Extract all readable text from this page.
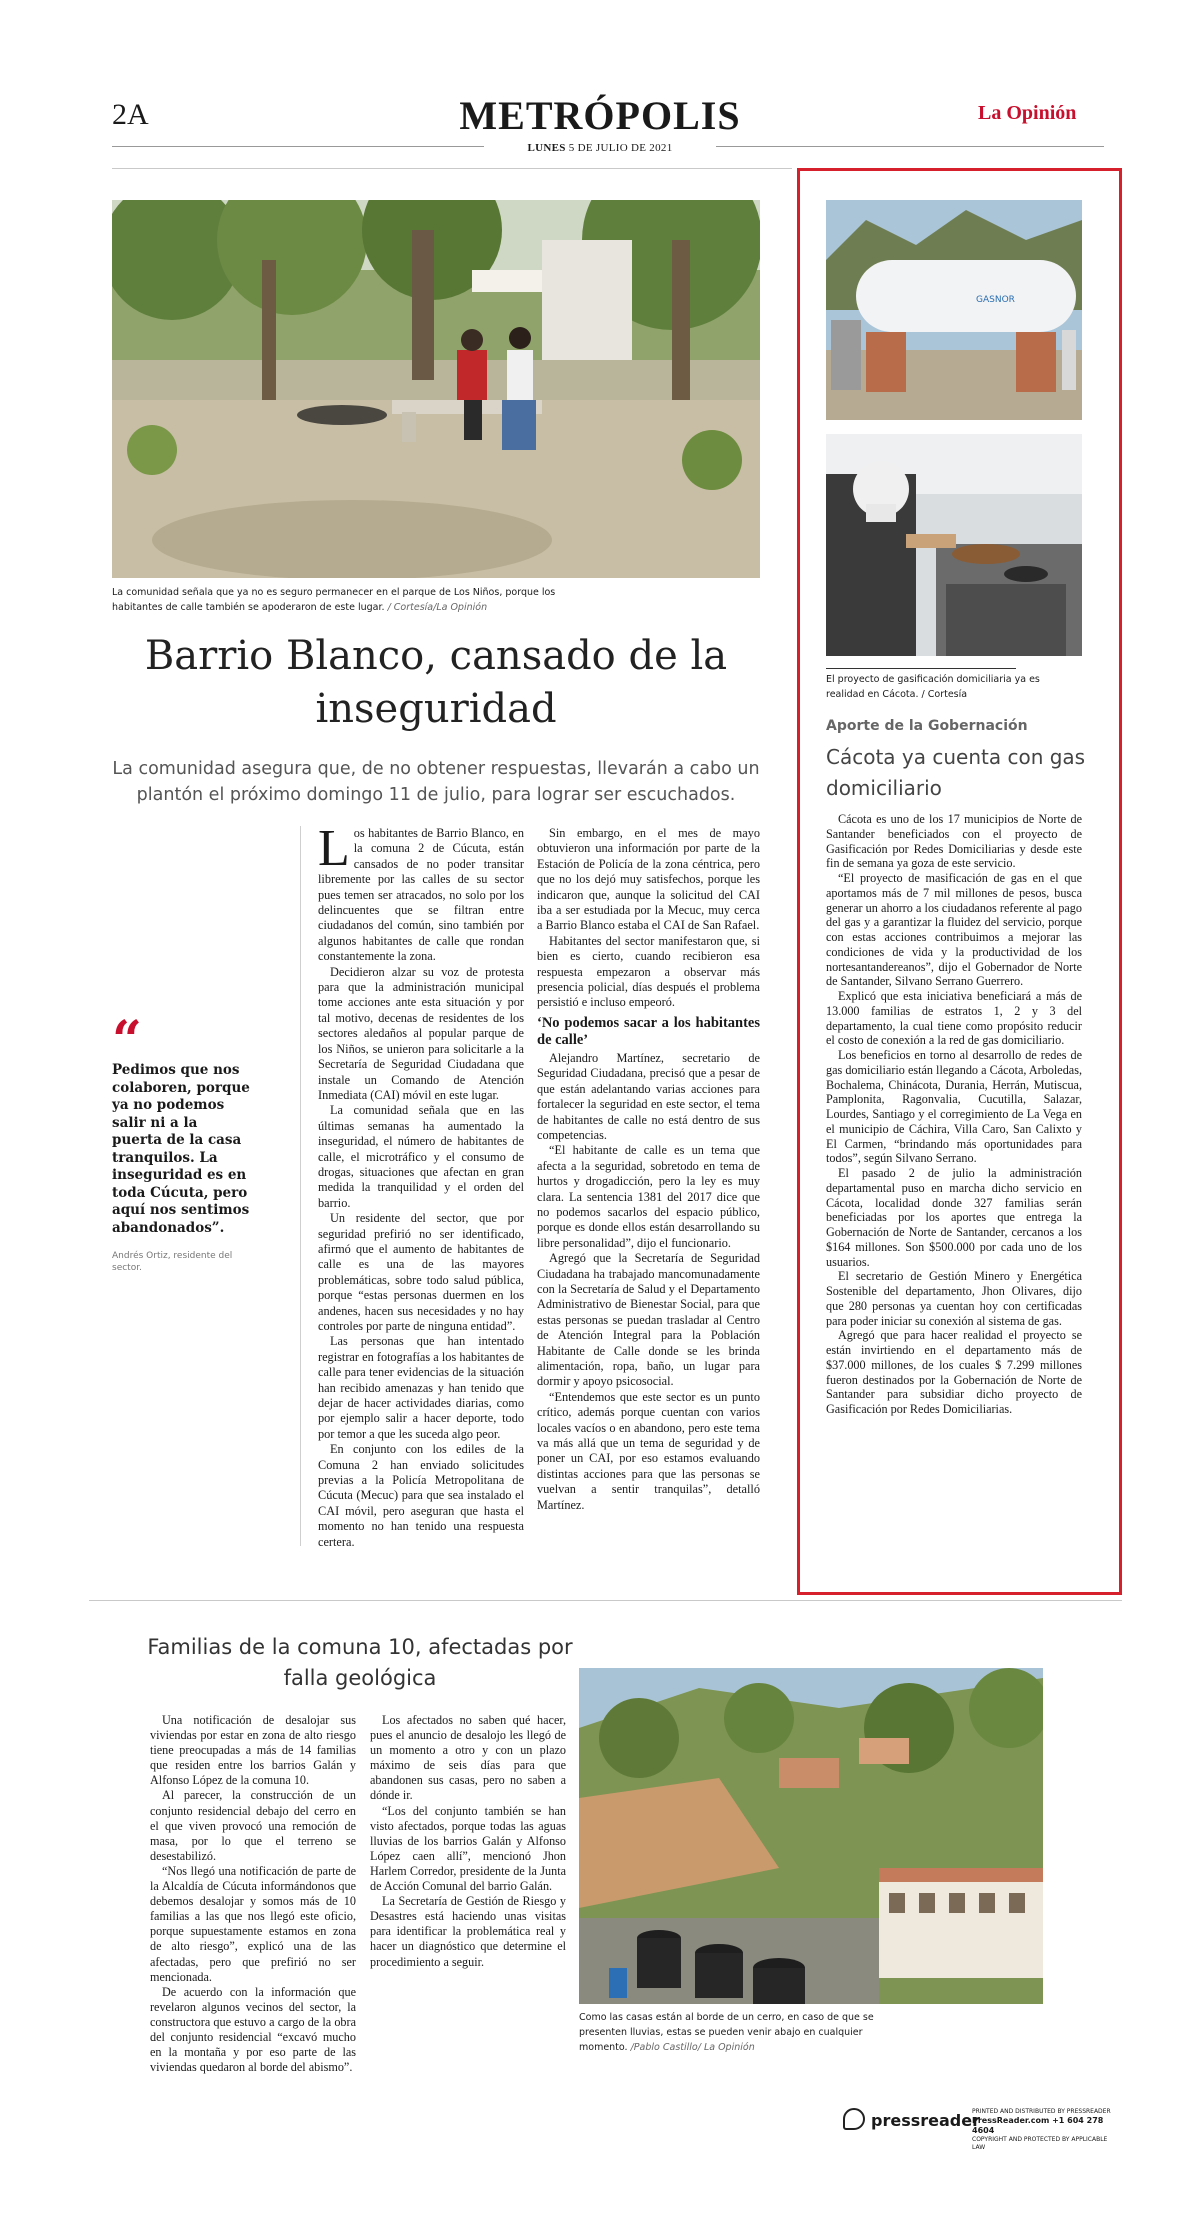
2A	METRÓPOLIS	La Opinión
LUNES 5 DE JULIO DE 2021
La comunidad señala que ya no es seguro permanecer en el parque de Los Niños, porque los habitantes de calle también se apoderaron de este lugar. / Cortesía/La Opinión
Barrio Blanco, cansado de la inseguridad
La comunidad asegura que, de no obtener respuestas, llevarán a cabo un plantón el próximo domingo 11 de julio, para lograr ser escuchados.
“
Pedimos que nos colaboren, porque ya no podemos salir ni a la puerta de la casa tranquilos. La inseguridad es en toda Cúcuta, pero aquí nos sentimos abandonados”.
Andrés Ortiz, residente del sector.

Los habitantes de Barrio Blanco, en la comuna 2 de Cúcuta, están cansados de no poder transitar libremente por las calles de su sector pues temen ser atracados, no solo por los delincuentes que se filtran entre ciudadanos del común, sino también por algunos habitantes de calle que rondan constantemente la zona.

Decidieron alzar su voz de protesta para que la administración municipal tome acciones ante esta situación y por tal motivo, decenas de residentes de los sectores aledaños al popular parque de los Niños, se unieron para solicitarle a la Secretaría de Seguridad Ciudadana que instale un Comando de Atención Inmediata (CAI) móvil en este lugar.

La comunidad señala que en las últimas semanas ha aumentado la inseguridad, el número de habitantes de calle, el microtráfico y el consumo de drogas, situaciones que afectan en gran medida la tranquilidad y el orden del barrio.

Un residente del sector, que por seguridad prefirió no ser identificado, afirmó que el aumento de habitantes de calle es una de las mayores problemáticas, sobre todo salud pública, porque “estas personas duermen en los andenes, hacen sus necesidades y no hay controles por parte de ninguna entidad”.

Las personas que han intentado registrar en fotografías a los habitantes de calle para tener evidencias de la situación han recibido amenazas y han tenido que dejar de hacer actividades diarias, como por ejemplo salir a hacer deporte, todo por temor a que les suceda algo peor.

En conjunto con los ediles de la Comuna 2 han enviado solicitudes previas a la Policía Metropolitana de Cúcuta (Mecuc) para que sea instalado el CAI móvil, pero aseguran que hasta el momento no han tenido una respuesta certera.

Sin embargo, en el mes de mayo obtuvieron una información por parte de la Estación de Policía de la zona céntrica, pero que no los dejó muy satisfechos, porque les indicaron que, aunque la solicitud del CAI iba a ser estudiada por la Mecuc, muy cerca a Barrio Blanco estaba el CAI de San Rafael.

Habitantes del sector manifestaron que, si bien es cierto, cuando recibieron esa respuesta empezaron a observar más presencia policial, días después el problema persistió e incluso empeoró.

‘No podemos sacar a los habitantes de calle’

Alejandro Martínez, secretario de Seguridad Ciudadana, precisó que a pesar de que están adelantando varias acciones para fortalecer la seguridad en este sector, el tema de habitantes de calle no está dentro de sus competencias.

“El habitante de calle es un tema que afecta a la seguridad, sobretodo en tema de hurtos y drogadicción, pero la ley es muy clara. La sentencia 1381 del 2017 dice que no podemos sacarlos del espacio público, porque es donde ellos están desarrollando su libre personalidad”, dijo el funcionario.

Agregó que la Secretaría de Seguridad Ciudadana ha trabajado mancomunadamente con la Secretaría de Salud y el Departamento Administrativo de Bienestar Social, para que estas personas se puedan trasladar al Centro de Atención Integral para la Población Habitante de Calle donde se les brinda alimentación, ropa, baño, un lugar para dormir y apoyo psicosocial.

“Entendemos que este sector es un punto crítico, además porque cuentan con varios locales vacíos o en abandono, pero este tema va más allá que un tema de seguridad y de poner un CAI, por eso estamos evaluando distintas acciones para que las personas se vuelvan a sentir tranquilas”, detalló Martínez.

GASNOR
El proyecto de gasificación domiciliaria ya es realidad en Cácota. / Cortesía
Aporte de la Gobernación
Cácota ya cuenta con gas domiciliario

Cácota es uno de los 17 municipios de Norte de Santander beneficiados con el proyecto de Gasificación por Redes Domiciliarias y desde este fin de semana ya goza de este servicio.

“El proyecto de masificación de gas en el que aportamos más de 7 mil millones de pesos, busca generar un ahorro a los ciudadanos referente al pago del gas y a garantizar la fluidez del servicio, porque con estas acciones contribuimos a mejorar las condiciones de vida y la productividad de los nortesantandereanos”, dijo el Gobernador de Norte de Santander, Silvano Serrano Guerrero.

Explicó que esta iniciativa beneficiará a más de 13.000 familias de estratos 1, 2 y 3 del departamento, la cual tiene como propósito reducir el costo de conexión a la red de gas domiciliario.

Los beneficios en torno al desarrollo de redes de gas domiciliario están llegando a Cácota, Arboledas, Bochalema, Chinácota, Durania, Herrán, Mutiscua, Pamplonita, Ragonvalia, Cucutilla, Salazar, Lourdes, Santiago y el corregimiento de La Vega en el municipio de Cáchira, Villa Caro, San Calixto y El Carmen, “brindando más oportunidades para todos”, según Silvano Serrano.

El pasado 2 de julio la administración departamental puso en marcha dicho servicio en Cácota, localidad donde 327 familias serán beneficiadas por los aportes que entrega la Gobernación de Norte de Santander, cercanos a los $164 millones. Son $500.000 por cada uno de los usuarios.

El secretario de Gestión Minero y Energética Sostenible del departamento, Jhon Olivares, dijo que 280 personas ya cuentan hoy con certificadas para poder iniciar su conexión al sistema de gas.

Agregó que para hacer realidad el proyecto se están invirtiendo en el departamento más de $37.000 millones, de los cuales $ 7.299 millones fueron destinados por la Gobernación de Norte de Santander para subsidiar dicho proyecto de Gasificación por Redes Domiciliarias.

Familias de la comuna 10, afectadas por falla geológica

Una notificación de desalojar sus viviendas por estar en zona de alto riesgo tiene preocupadas a más de 14 familias que residen entre los barrios Galán y Alfonso López de la comuna 10.

Al parecer, la construcción de un conjunto residencial debajo del cerro en el que viven provocó una remoción de masa, por lo que el terreno se desestabilizó.

“Nos llegó una notificación de parte de la Alcaldía de Cúcuta informándonos que debemos desalojar y somos más de 10 familias a las que nos llegó este oficio, porque supuestamente estamos en zona de alto riesgo”, explicó una de las afectadas, pero que prefirió no ser mencionada.

De acuerdo con la información que revelaron algunos vecinos del sector, la constructora que estuvo a cargo de la obra del conjunto residencial “excavó mucho en la montaña y por eso parte de las viviendas quedaron al borde del abismo”.

Los afectados no saben qué hacer, pues el anuncio de desalojo les llegó de un momento a otro y con un plazo máximo de seis días para que abandonen sus casas, pero no saben a dónde ir.

“Los del conjunto también se han visto afectados, porque todas las aguas lluvias de los barrios Galán y Alfonso López caen allí”, mencionó Jhon Harlem Corredor, presidente de la Junta de Acción Comunal del barrio Galán.

La Secretaría de Gestión de Riesgo y Desastres está haciendo unas visitas para identificar la problemática real y hacer un diagnóstico que determine el procedimiento a seguir.

Como las casas están al borde de un cerro, en caso de que se presenten lluvias, estas se pueden venir abajo en cualquier momento. /Pablo Castillo/ La Opinión
pressreader
PRINTED AND DISTRIBUTED BY PRESSREADER
PressReader.com +1 604 278 4604
COPYRIGHT AND PROTECTED BY APPLICABLE LAW
